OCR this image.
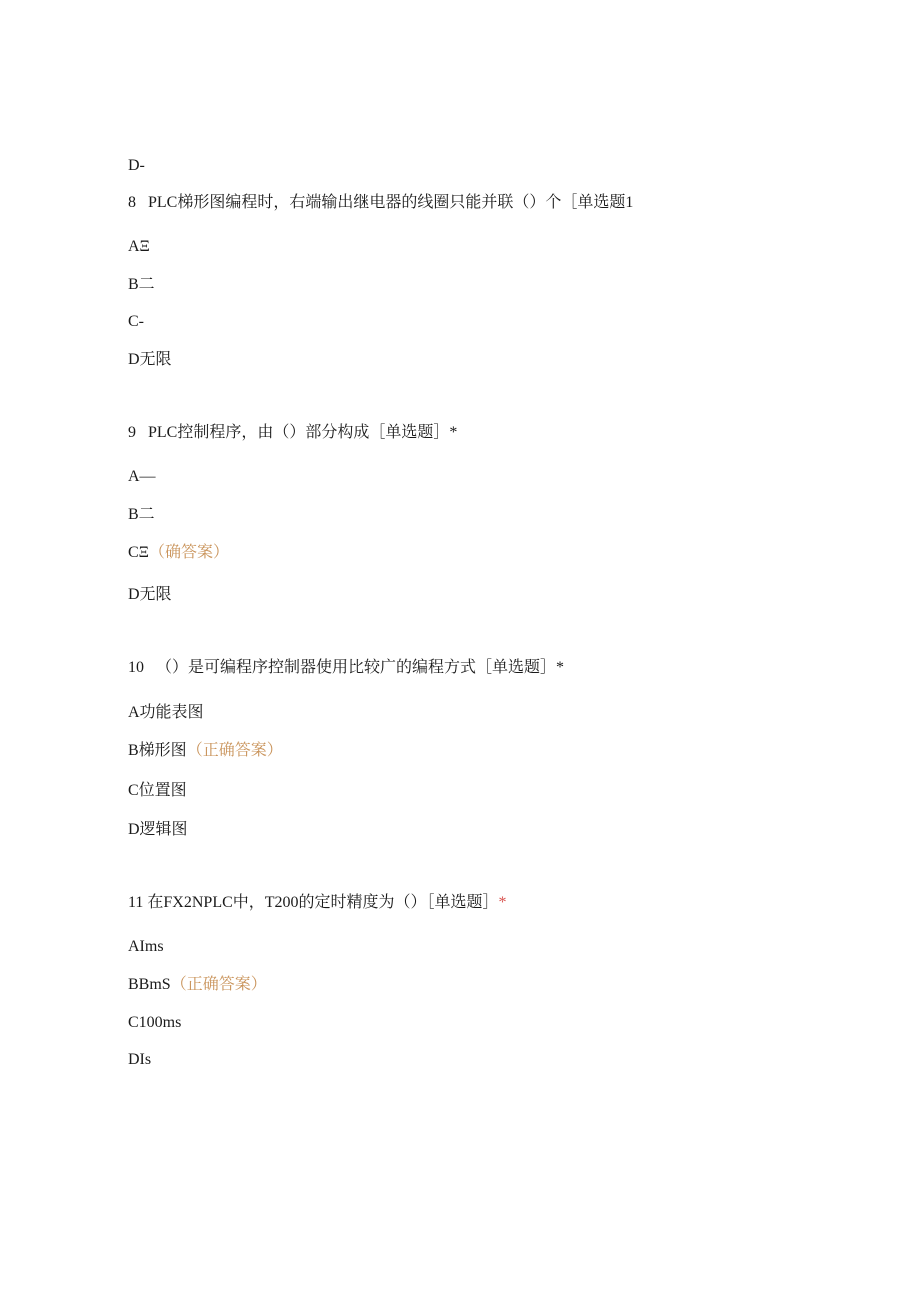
D-
8 PLC梯形图编程时，右端输出继电器的线圈只能并联（）个［单选题1
AΞ
B二
C-
D无限
9 PLC控制程序，由（）部分构成［单选题］*
A—
B二
CΞ（确答案）
D无限
10 （）是可编程序控制器使用比较广的编程方式［单选题］*
A功能表图
B梯形图（正确答案）
C位置图
D逻辑图
11 在FX2NPLC中，T200的定时精度为（）［单选题］*
AIms
BBmS（正确答案）
C100ms
DIs
